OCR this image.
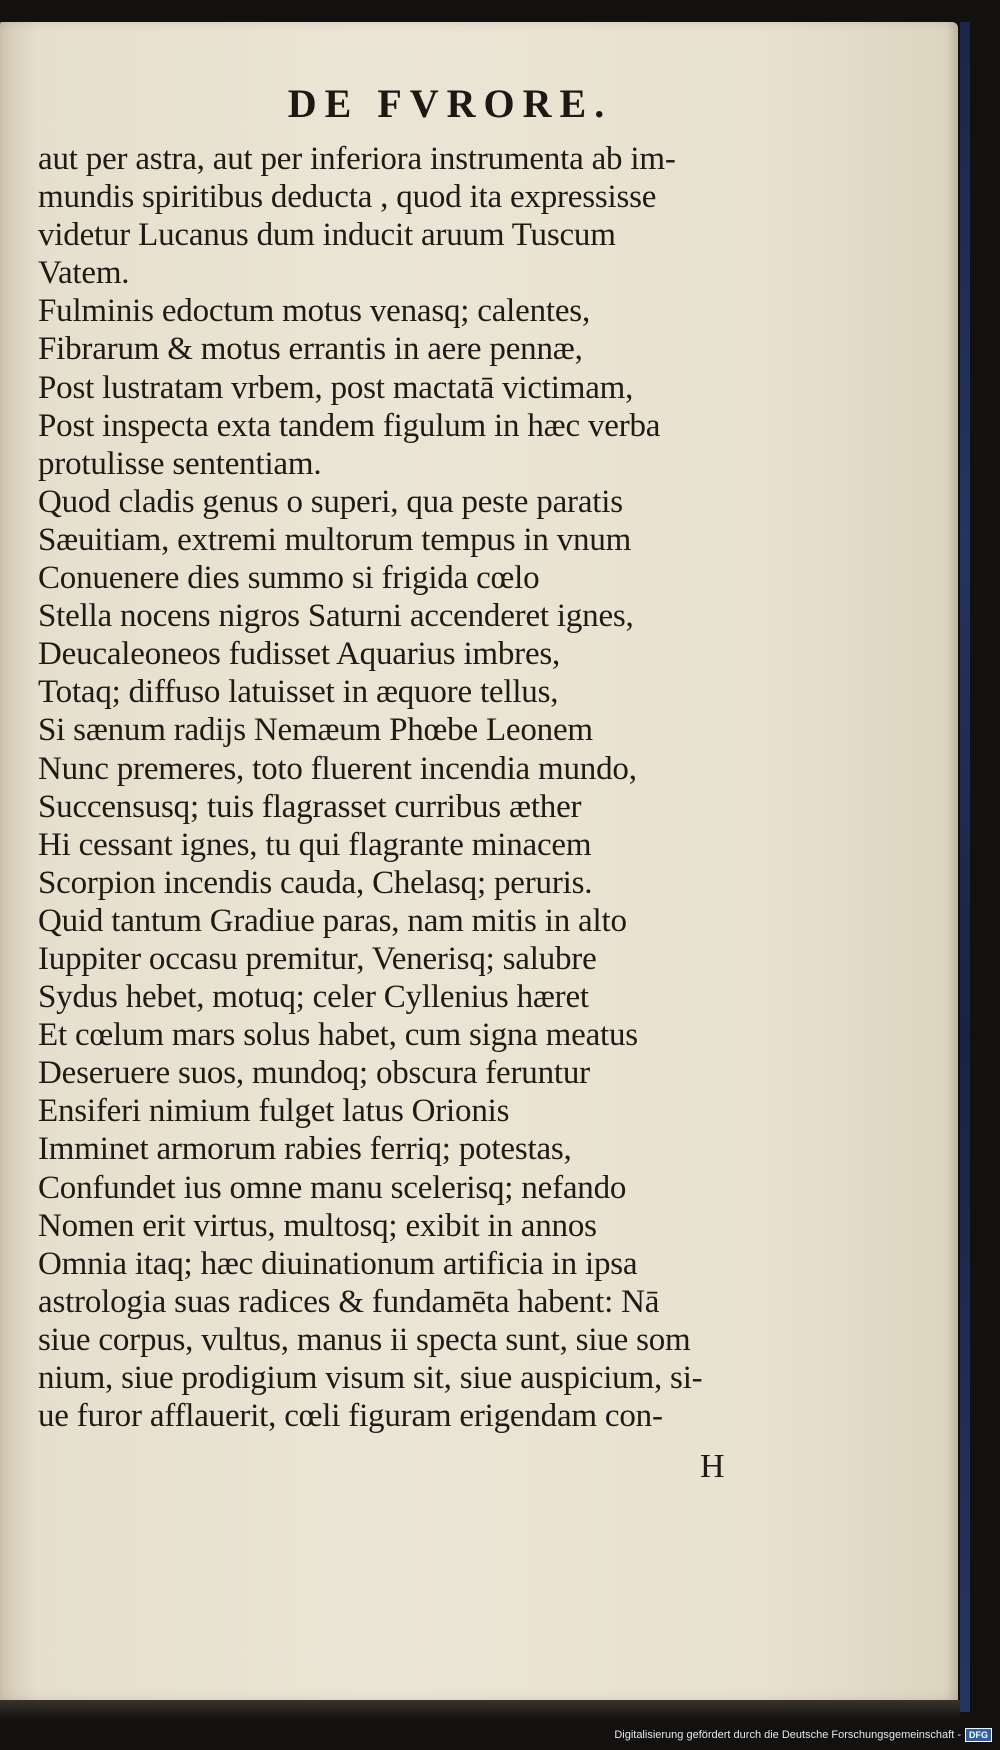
DE FVRORE.
aut per astra, aut per inferiora instrumenta ab im-
mundis spiritibus deducta , quod ita expressisse
videtur Lucanus dum inducit aruum Tuscum
Vatem.
Fulminis edoctum motus venasq; calentes,
Fibrarum & motus errantis in aere pennæ,
Post lustratam vrbem, post mactatā victimam,
Post inspecta exta tandem figulum in hæc verba
protulisse sententiam.
Quod cladis genus o superi, qua peste paratis
Sæuitiam, extremi multorum tempus in vnum
Conuenere dies summo si frigida cœlo
Stella nocens nigros Saturni accenderet ignes,
Deucaleoneos fudisset Aquarius imbres,
Totaq; diffuso latuisset in æquore tellus,
Si sænum radijs Nemæum Phœbe Leonem
Nunc premeres, toto fluerent incendia mundo,
Succensusq; tuis flagrasset curribus æther
Hi cessant ignes, tu qui flagrante minacem
Scorpion incendis cauda, Chelasq; peruris.
Quid tantum Gradiue paras, nam mitis in alto
Iuppiter occasu premitur, Venerisq; salubre
Sydus hebet, motuq; celer Cyllenius hæret
Et cœlum mars solus habet, cum signa meatus
Deseruere suos, mundoq; obscura feruntur
Ensiferi nimium fulget latus Orionis
Imminet armorum rabies ferriq; potestas,
Confundet ius omne manu scelerisq; nefando
Nomen erit virtus, multosq; exibit in annos
Omnia itaq; hæc diuinationum artificia in ipsa
astrologia suas radices & fundamēta habent: Nā
siue corpus, vultus, manus ii specta sunt, siue som
nium, siue prodigium visum sit, siue auspicium, si-
ue furor afflauerit, cœli figuram erigendam con-
H
Digitalisierung gefördert durch die Deutsche Forschungsgemeinschaft - DFG
